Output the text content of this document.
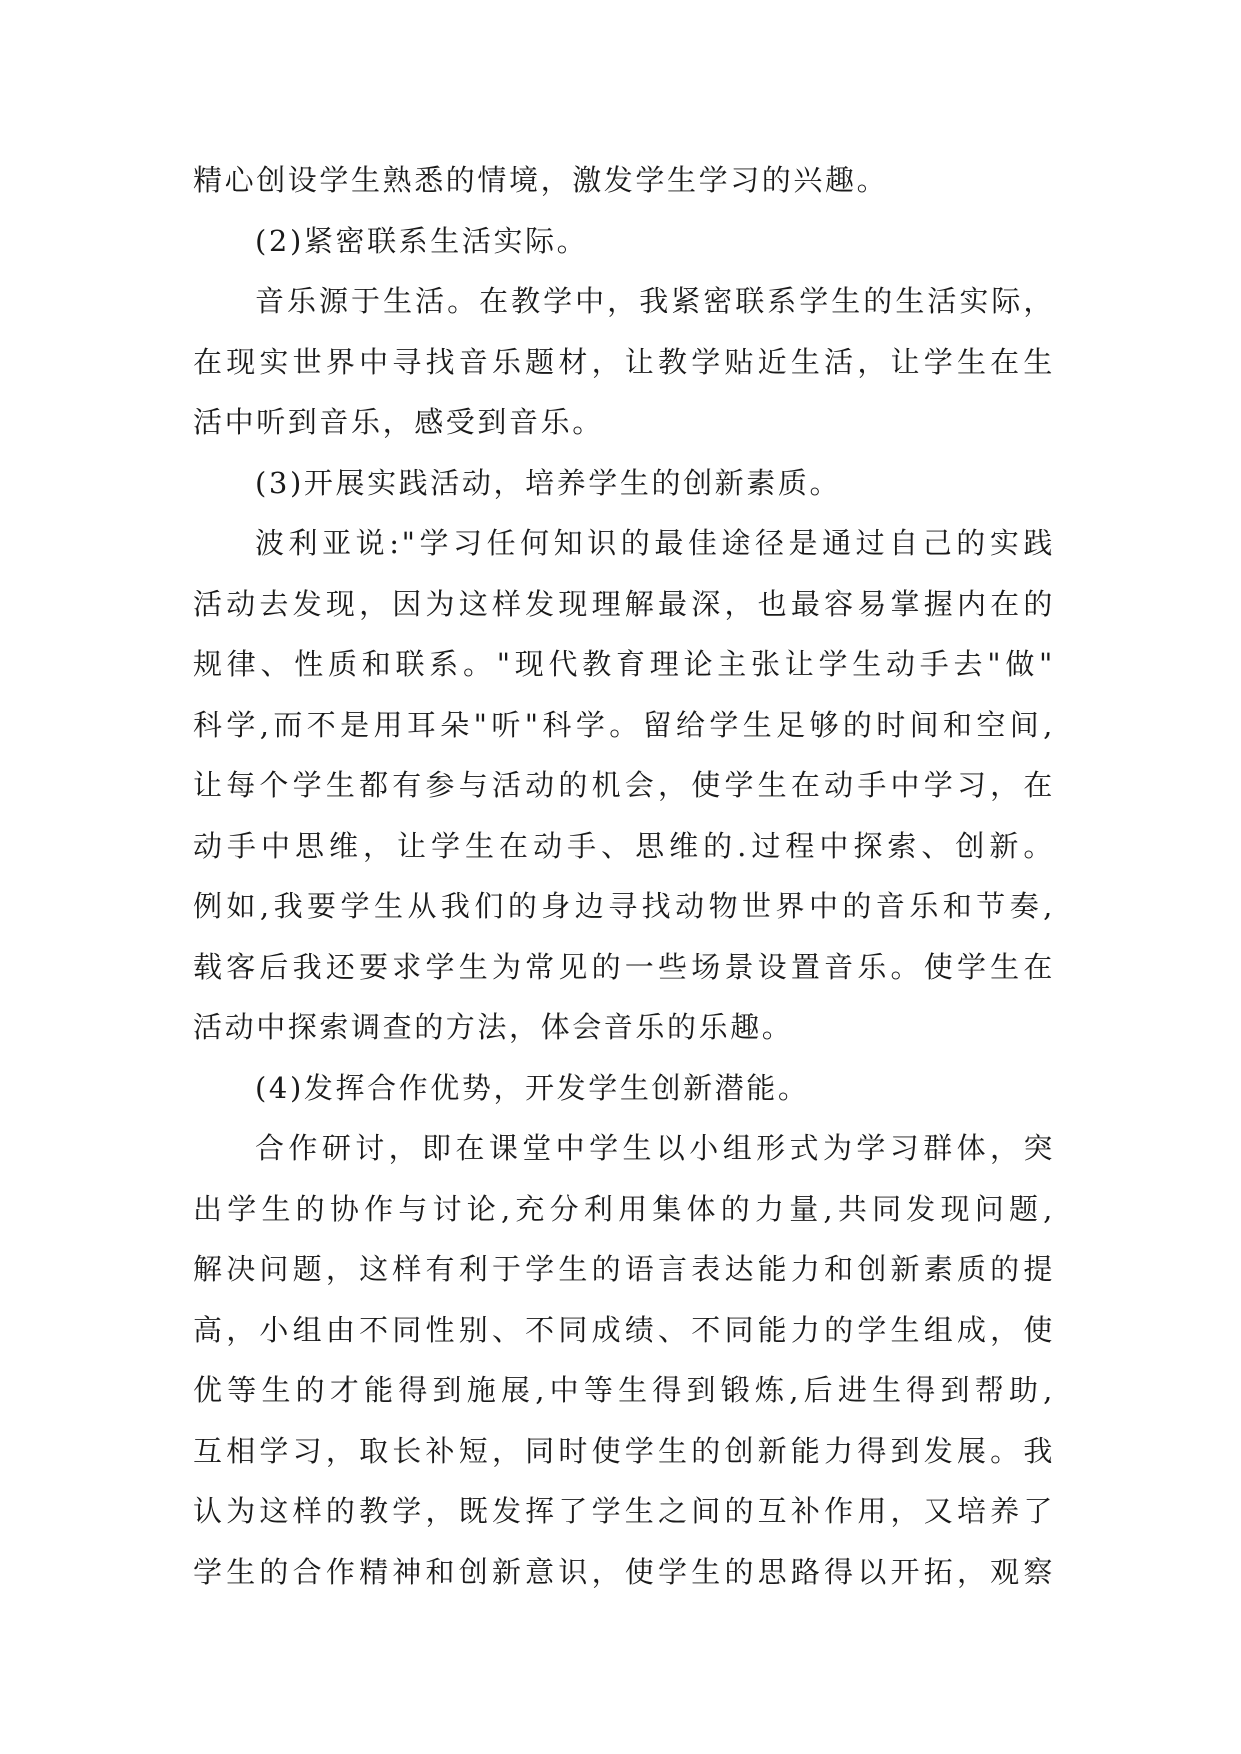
精心创设学生熟悉的情境，激发学生学习的兴趣。
(2)紧密联系生活实际。
音乐源于生活。在教学中，我紧密联系学生的生活实际，
在现实世界中寻找音乐题材，让教学贴近生活，让学生在生
活中听到音乐，感受到音乐。
(3)开展实践活动，培养学生的创新素质。
波利亚说:"学习任何知识的最佳途径是通过自己的实践
活动去发现，因为这样发现理解最深，也最容易掌握内在的
规律、性质和联系。"现代教育理论主张让学生动手去"做"
科学,而不是用耳朵"听"科学。留给学生足够的时间和空间,
让每个学生都有参与活动的机会，使学生在动手中学习，在
动手中思维，让学生在动手、思维的.过程中探索、创新。
例如,我要学生从我们的身边寻找动物世界中的音乐和节奏,
载客后我还要求学生为常见的一些场景设置音乐。使学生在
活动中探索调查的方法，体会音乐的乐趣。
(4)发挥合作优势，开发学生创新潜能。
合作研讨，即在课堂中学生以小组形式为学习群体，突
出学生的协作与讨论,充分利用集体的力量,共同发现问题,
解决问题，这样有利于学生的语言表达能力和创新素质的提
高，小组由不同性别、不同成绩、不同能力的学生组成，使
优等生的才能得到施展,中等生得到锻炼,后进生得到帮助,
互相学习，取长补短，同时使学生的创新能力得到发展。我
认为这样的教学，既发挥了学生之间的互补作用，又培养了
学生的合作精神和创新意识，使学生的思路得以开拓，观察
